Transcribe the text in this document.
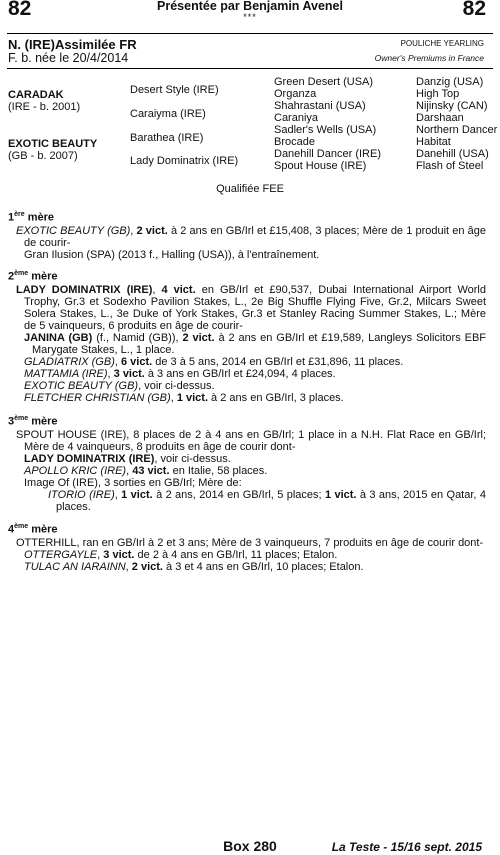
82	82
Présentée par Benjamin Avenel
***
N. (IRE)Assimilée FR
F. b. née le 20/4/2014
POULICHE YEARLING
Owner's Premiums in France
CARADAK
(IRE - b. 2001)
EXOTIC BEAUTY
(GB - b. 2007)
Desert Style (IRE)
Caraiyma (IRE)
Barathea (IRE)
Lady Dominatrix (IRE)
Green Desert (USA)
Organza
Shahrastani (USA)
Caraniya
Sadler's Wells (USA)
Brocade
Danehill Dancer (IRE)
Spout House (IRE)
Danzig (USA)
High Top
Nijinsky (CAN)
Darshaan
Northern Dancer
Habitat
Danehill (USA)
Flash of Steel
Qualifiée FEE
1ère mère

EXOTIC BEAUTY (GB), 2 vict. à 2 ans en GB/Irl et £15,408, 3 places; Mère de 1 produit en âge de courir-

Gran Ilusion (SPA) (2013 f., Halling (USA)), à l'entraînement.

2ème mère

LADY DOMINATRIX (IRE), 4 vict. en GB/Irl et £90,537, Dubai International Airport World Trophy, Gr.3 et Sodexho Pavilion Stakes, L., 2e Big Shuffle Flying Five, Gr.2, Milcars Sweet Solera Stakes, L., 3e Duke of York Stakes, Gr.3 et Stanley Racing Summer Stakes, L.; Mère de 5 vainqueurs, 6 produits en âge de courir-

JANINA (GB) (f., Namid (GB)), 2 vict. à 2 ans en GB/Irl et £19,589, Langleys Solicitors EBF Marygate Stakes, L., 1 place.

GLADIATRIX (GB), 6 vict. de 3 à 5 ans, 2014 en GB/Irl et £31,896, 11 places.

MATTAMIA (IRE), 3 vict. à 3 ans en GB/Irl et £24,094, 4 places.

EXOTIC BEAUTY (GB), voir ci-dessus.

FLETCHER CHRISTIAN (GB), 1 vict. à 2 ans en GB/Irl, 3 places.

3ème mère

SPOUT HOUSE (IRE), 8 places de 2 à 4 ans en GB/Irl; 1 place in a N.H. Flat Race en GB/Irl; Mère de 4 vainqueurs, 8 produits en âge de courir dont-

LADY DOMINATRIX (IRE), voir ci-dessus.

APOLLO KRIC (IRE), 43 vict. en Italie, 58 places.

Image Of (IRE), 3 sorties en GB/Irl; Mère de:

ITORIO (IRE), 1 vict. à 2 ans, 2014 en GB/Irl, 5 places; 1 vict. à 3 ans, 2015 en Qatar, 4 places.

4ème mère

OTTERHILL, ran en GB/Irl à 2 et 3 ans; Mère de 3 vainqueurs, 7 produits en âge de courir dont-

OTTERGAYLE, 3 vict. de 2 à 4 ans en GB/Irl, 11 places; Etalon.

TULAC AN IARAINN, 2 vict. à 3 et 4 ans en GB/Irl, 10 places; Etalon.

Box 280	La Teste - 15/16 sept. 2015
